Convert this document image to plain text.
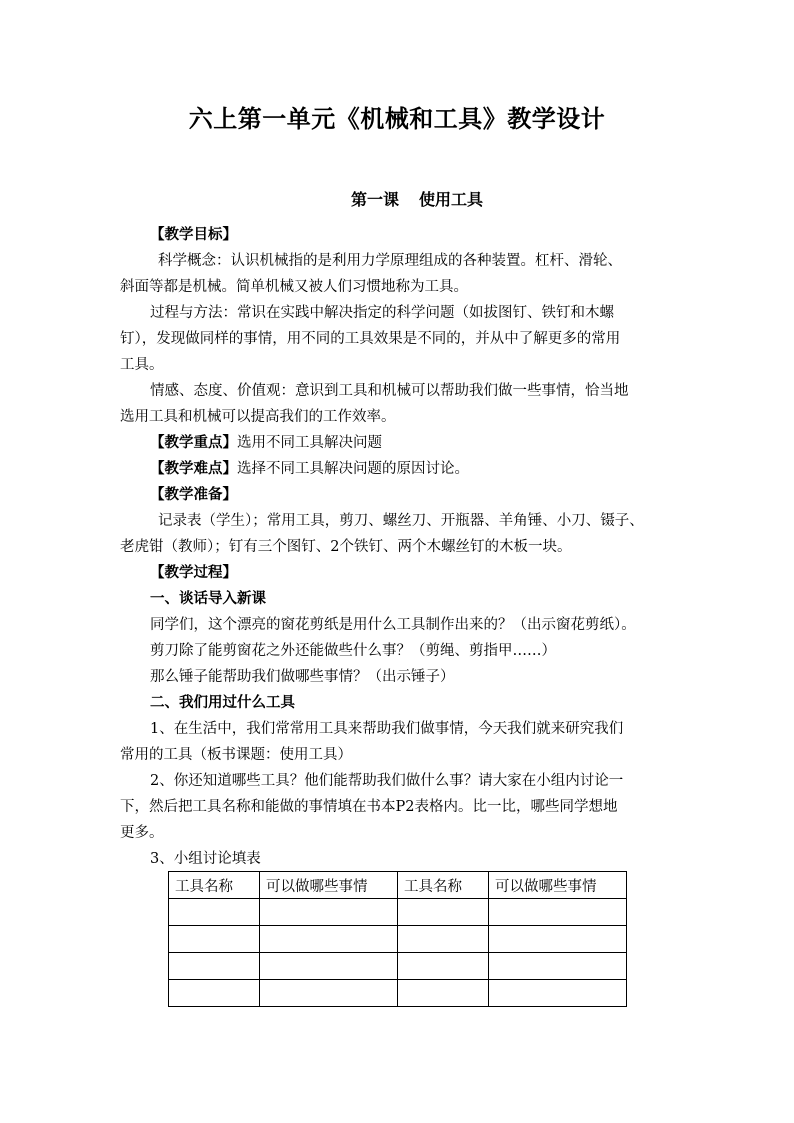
六上第一单元《机械和工具》教学设计
第一课 使用工具

【教学目标】

科学概念：认识机械指的是利用力学原理组成的各种装置。杠杆、滑轮、

斜面等都是机械。简单机械又被人们习惯地称为工具。

过程与方法：常识在实践中解决指定的科学问题（如拔图钉、铁钉和木螺

钉），发现做同样的事情，用不同的工具效果是不同的，并从中了解更多的常用

工具。

情感、态度、价值观：意识到工具和机械可以帮助我们做一些事情，恰当地

选用工具和机械可以提高我们的工作效率。

【教学重点】选用不同工具解决问题

【教学难点】选择不同工具解决问题的原因讨论。

【教学准备】

记录表（学生）；常用工具，剪刀、螺丝刀、开瓶器、羊角锤、小刀、镊子、

老虎钳（教师）；钉有三个图钉、2个铁钉、两个木螺丝钉的木板一块。

【教学过程】

一、谈话导入新课

同学们，这个漂亮的窗花剪纸是用什么工具制作出来的？（出示窗花剪纸）。

剪刀除了能剪窗花之外还能做些什么事？（剪绳、剪指甲……）

那么锤子能帮助我们做哪些事情？（出示锤子）

二、我们用过什么工具

1、在生活中，我们常常用工具来帮助我们做事情，今天我们就来研究我们

常用的工具（板书课题：使用工具）

2、你还知道哪些工具？他们能帮助我们做什么事？请大家在小组内讨论一

下，然后把工具名称和能做的事情填在书本P2表格内。比一比，哪些同学想地

更多。

3、小组讨论填表

工具名称	可以做哪些事情	工具名称	可以做哪些事情
